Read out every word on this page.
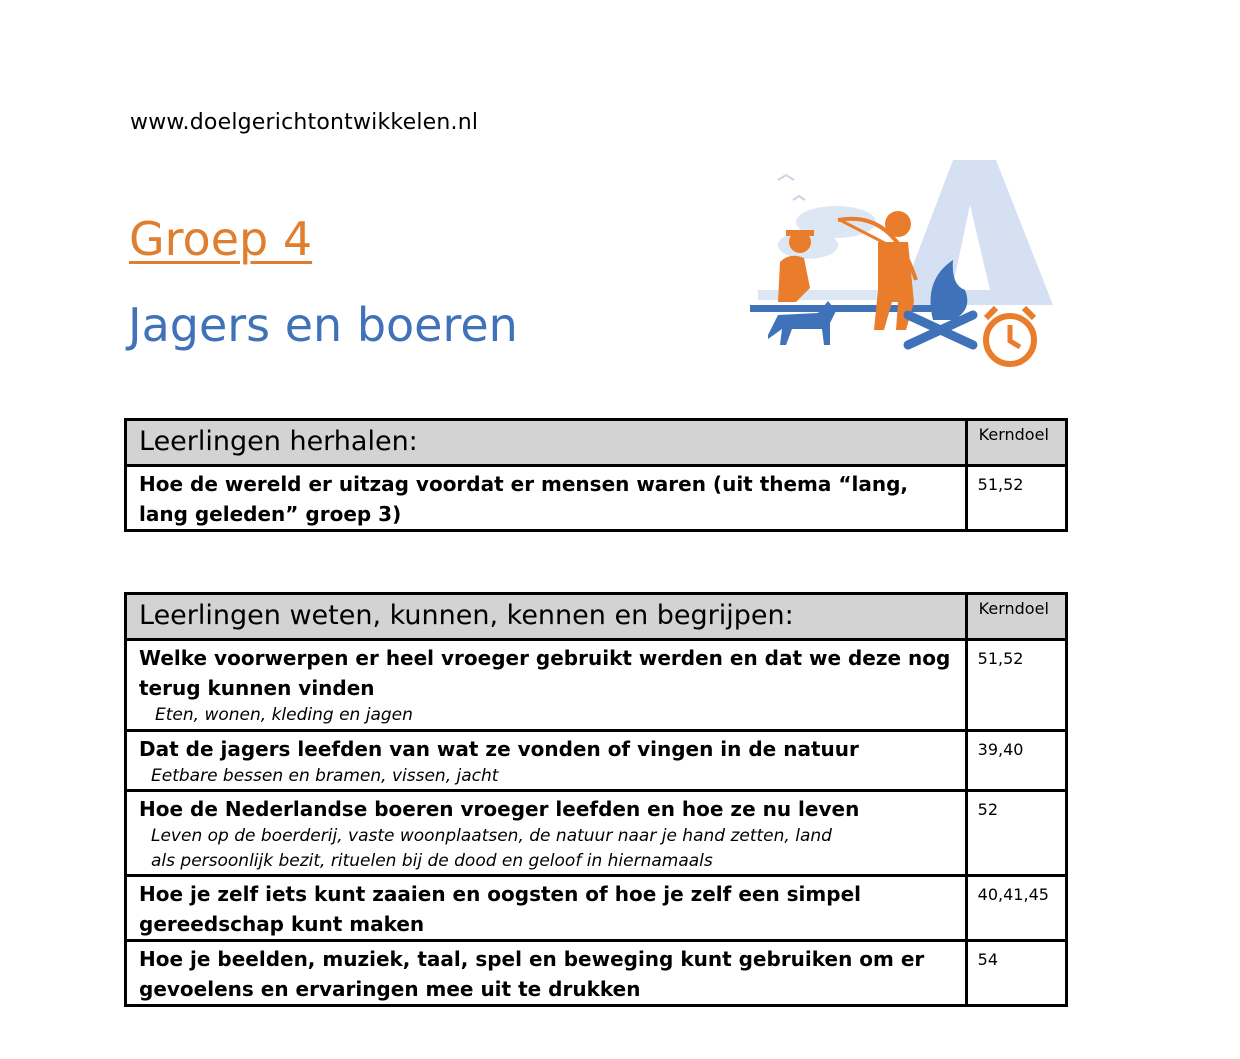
www.doelgerichtontwikkelen.nl
Groep 4
Jagers en boeren
Leerlingen herhalen:	Kerndoel
Hoe de wereld er uitzag voordat er mensen waren (uit thema “lang, lang geleden” groep 3)	51,52
Leerlingen weten, kunnen, kennen en begrijpen:	Kerndoel

Welke voorwerpen er heel vroeger gebruikt werden en dat we deze nog terug kunnen vinden
Eten, wonen, kleding en jagen	51,52

Dat de jagers leefden van wat ze vonden of vingen in de natuur
Eetbare bessen en bramen, vissen, jacht	39,40

Hoe de Nederlandse boeren vroeger leefden en hoe ze nu leven
Leven op de boerderij, vaste woonplaatsen, de natuur naar je hand zetten, land als persoonlijk bezit, rituelen bij de dood en geloof in hiernamaals	52
Hoe je zelf iets kunt zaaien en oogsten of hoe je zelf een simpel gereedschap kunt maken	40,41,45
Hoe je beelden, muziek, taal, spel en beweging kunt gebruiken om er gevoelens en ervaringen mee uit te drukken	54
